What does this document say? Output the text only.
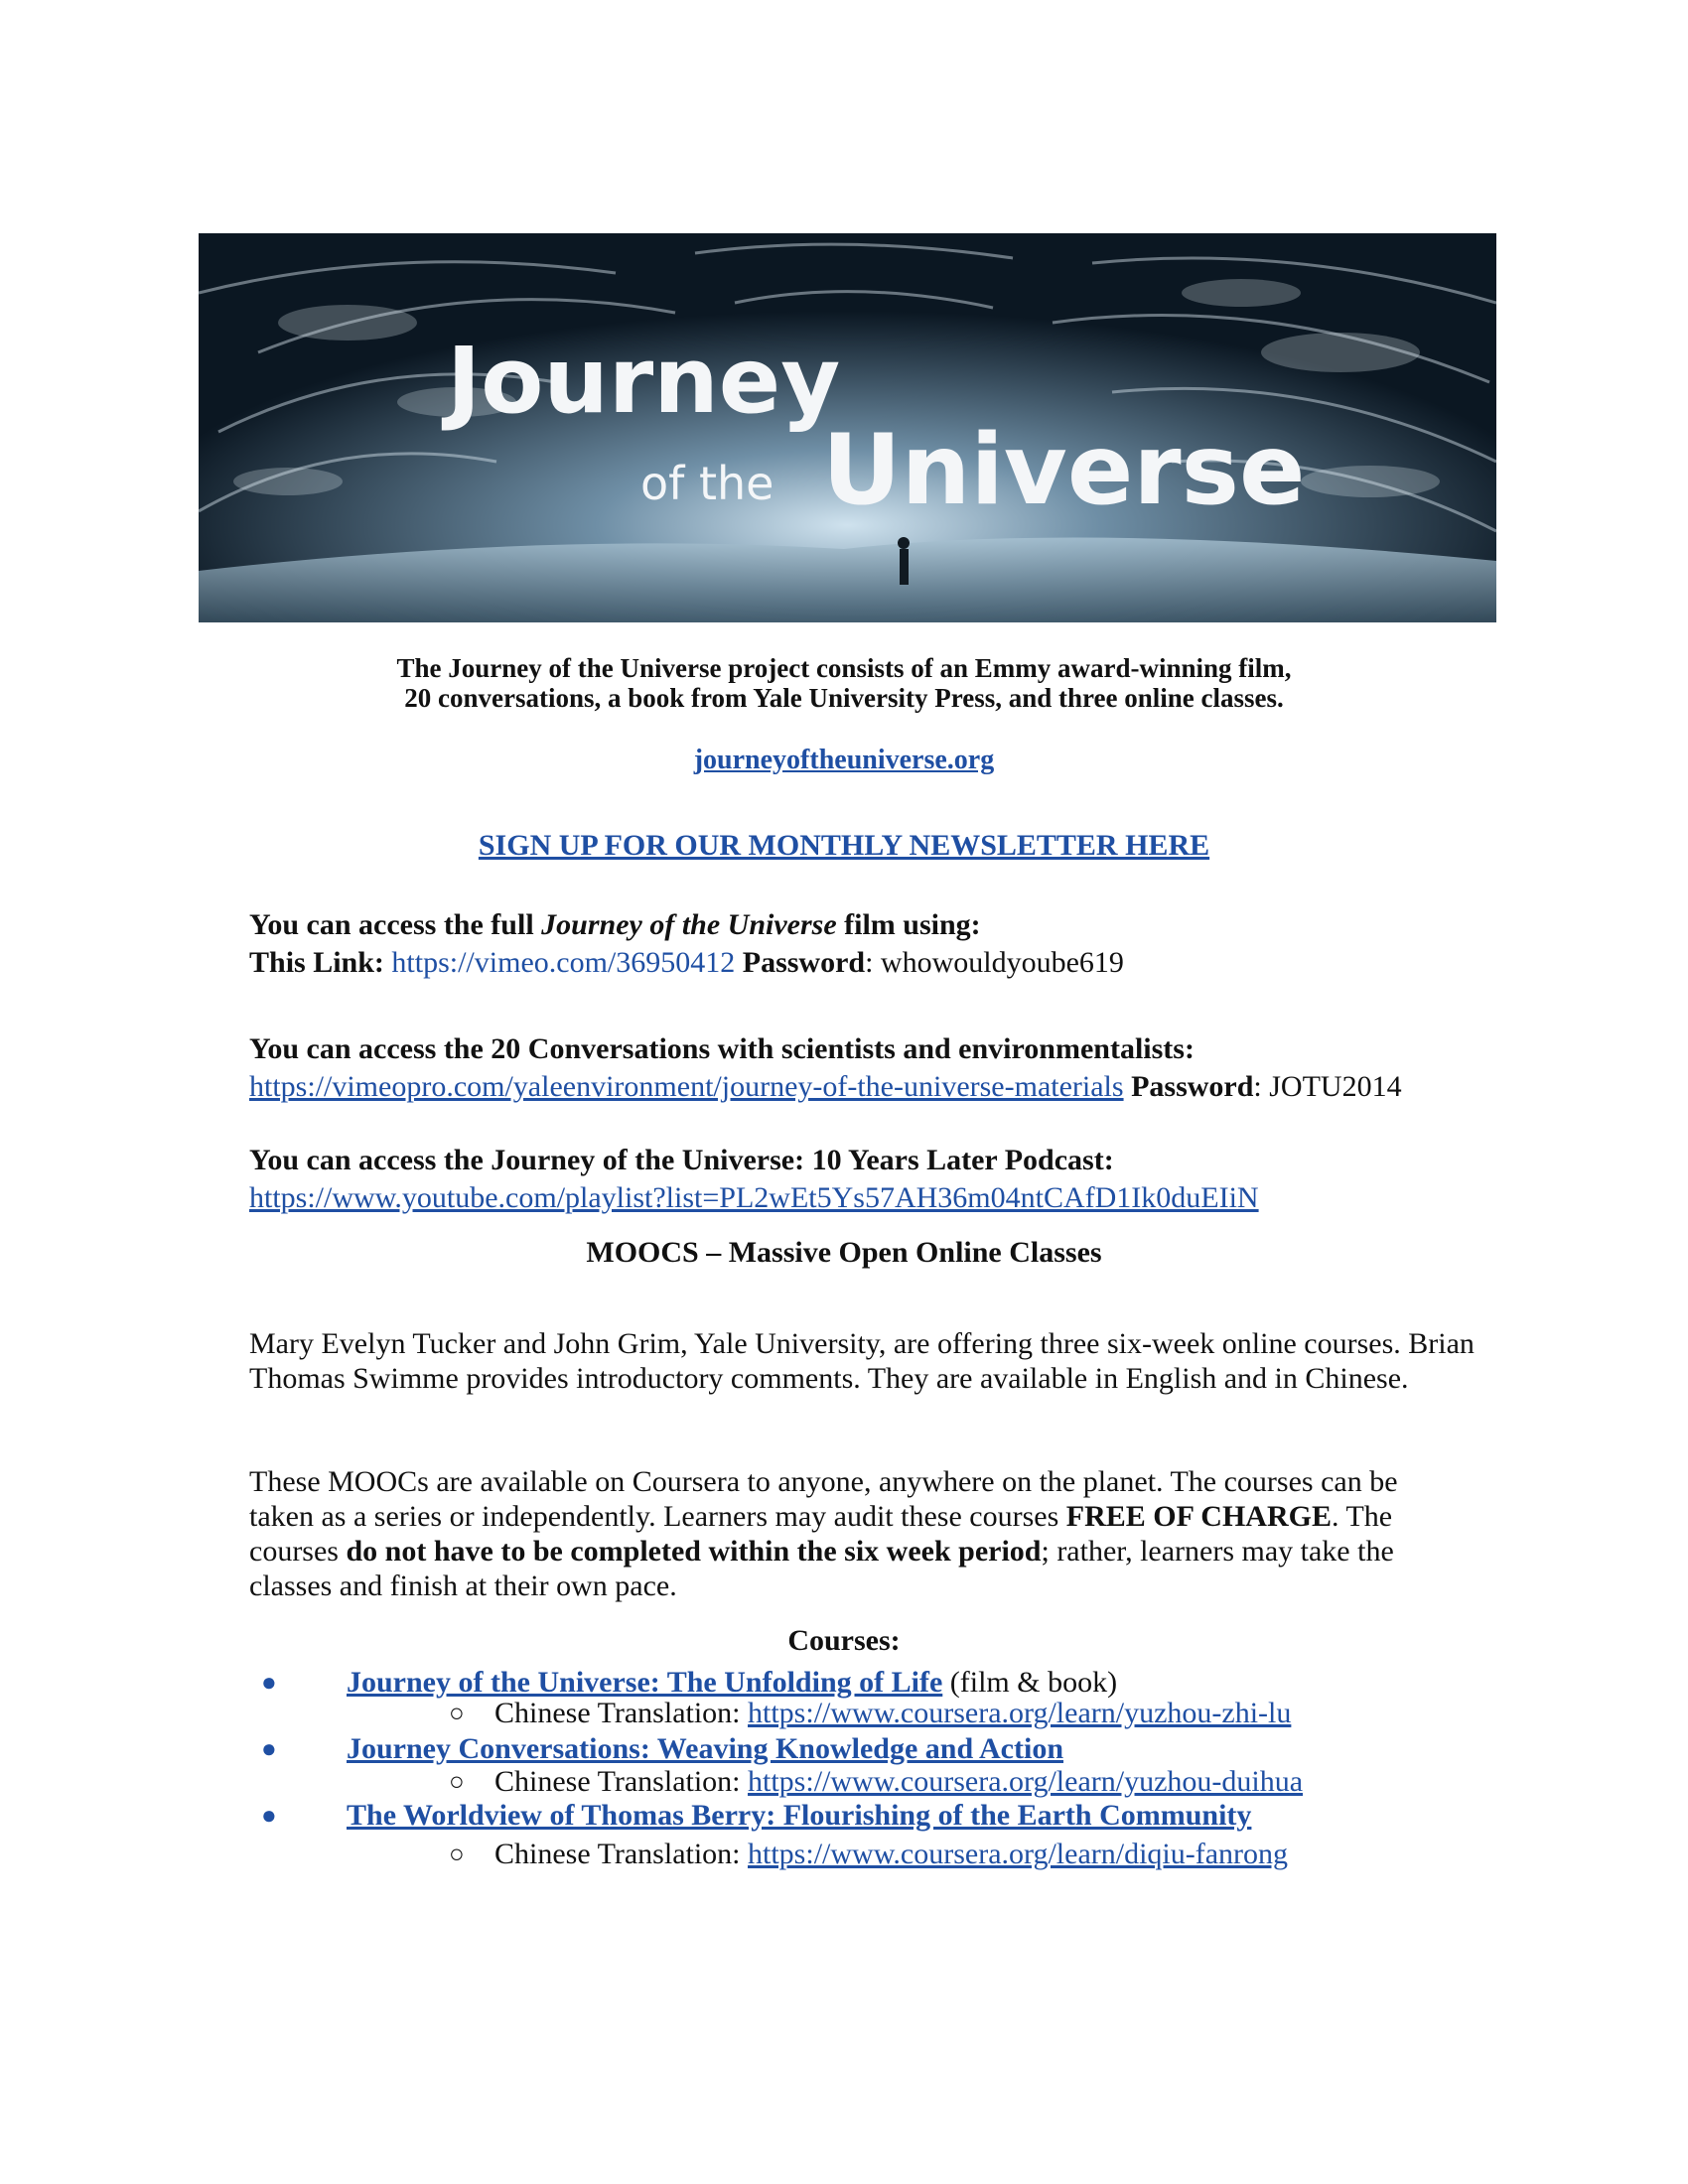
Journey
of the Universe
The Journey of the Universe project consists of an Emmy award-winning film,
20 conversations, a book from Yale University Press, and three online classes.
journeyoftheuniverse.org
SIGN UP FOR OUR MONTHLY NEWSLETTER HERE
You can access the full Journey of the Universe film using:
This Link: https://vimeo.com/36950412 Password: whowouldyoube619
You can access the 20 Conversations with scientists and environmentalists:
https://vimeopro.com/yaleenvironment/journey-of-the-universe-materials Password: JOTU2014
You can access the Journey of the Universe: 10 Years Later Podcast:
https://www.youtube.com/playlist?list=PL2wEt5Ys57AH36m04ntCAfD1Ik0duEIiN
MOOCS – Massive Open Online Classes
Mary Evelyn Tucker and John Grim, Yale University, are offering three six-week online courses. Brian Thomas Swimme provides introductory comments. They are available in English and in Chinese.
These MOOCs are available on Coursera to anyone, anywhere on the planet. The courses can be taken as a series or independently. Learners may audit these courses FREE OF CHARGE. The courses do not have to be completed within the six week period; rather, learners may take the classes and finish at their own pace.
Courses:
● Journey of the Universe: The Unfolding of Life (film & book)
○ Chinese Translation: https://www.coursera.org/learn/yuzhou-zhi-lu
● Journey Conversations: Weaving Knowledge and Action
○ Chinese Translation: https://www.coursera.org/learn/yuzhou-duihua
● The Worldview of Thomas Berry: Flourishing of the Earth Community
○ Chinese Translation: https://www.coursera.org/learn/diqiu-fanrong
